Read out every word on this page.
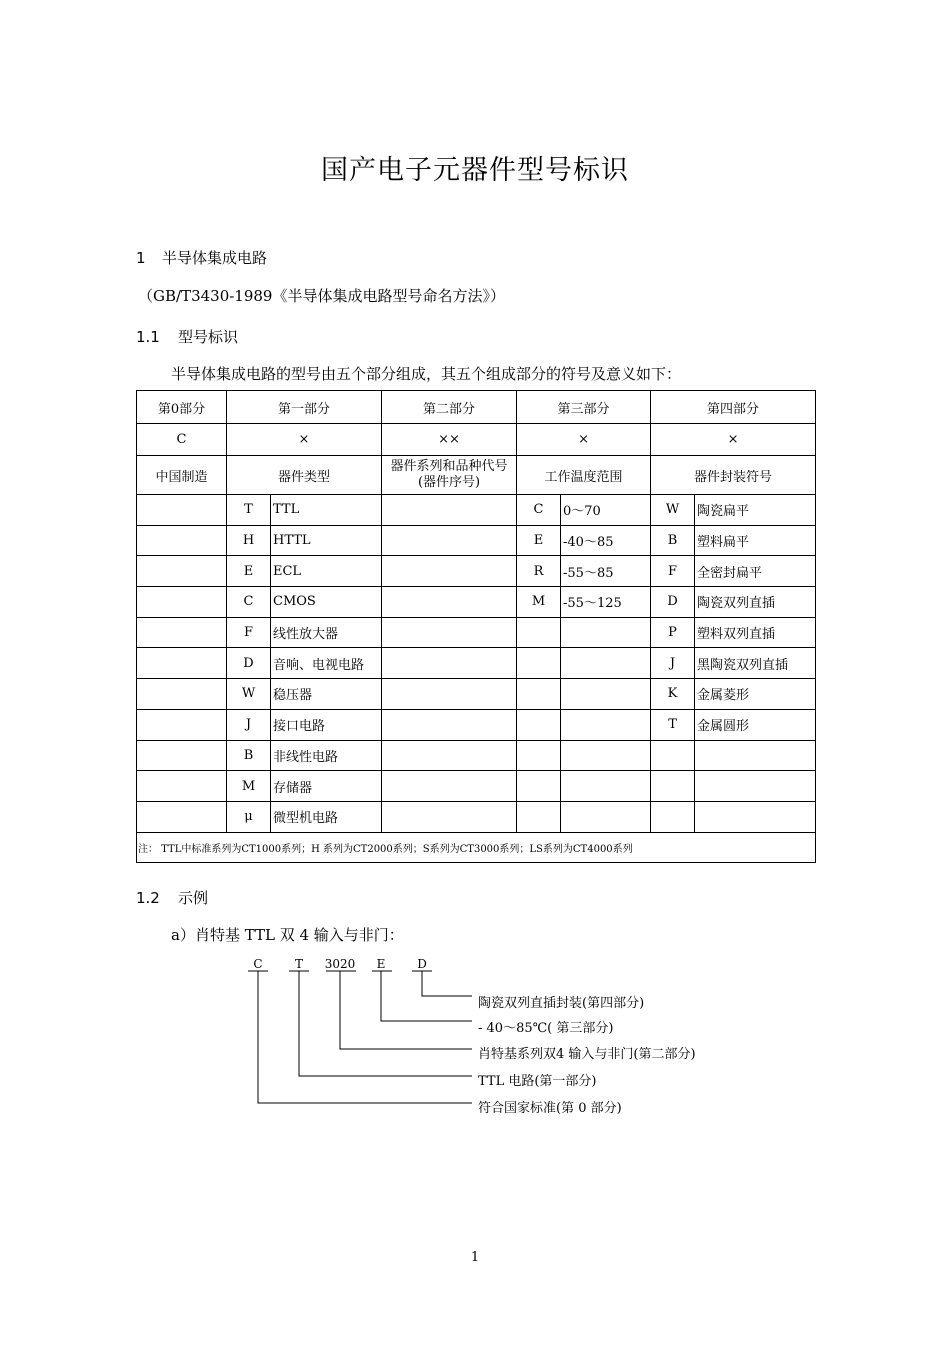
国产电子元器件型号标识
1 半导体集成电路
（GB/T3430-1989《半导体集成电路型号命名方法》）
1.1 型号标识
半导体集成电路的型号由五个部分组成，其五个组成部分的符号及意义如下：
第0部分	第一部分		第二部分	第三部分		第四部分	
C	×		××	×		×	
中国制造	器件类型		器件系列和品种代号(器件序号)	工作温度范围		器件封装符号	
	T	TTL		C	0～70	W	陶瓷扁平
	H	HTTL		E	-40～85	B	塑料扁平
	E	ECL		R	-55～85	F	全密封扁平
	C	CMOS		M	-55～125	D	陶瓷双列直插
	F	线性放大器				P	塑料双列直插
	D	音响、电视电路				J	黑陶瓷双列直插
	W	稳压器				K	金属菱形
	J	接口电路				T	金属圆形
	B	非线性电路					
	M	存储器					
	μ	微型机电路					
注： TTL中标准系列为CT1000系列；H 系列为CT2000系列；S系列为CT3000系列；LS系列为CT4000系列							
1.2 示例
a）肖特基 TTL 双 4 输入与非门：
C	T 3020 E	D
陶瓷双列直插封装(第四部分)
- 40～85℃( 第三部分)
肖特基系列双4 输入与非门(第二部分)
TTL 电路(第一部分)
符合国家标准(第 0 部分)
1
